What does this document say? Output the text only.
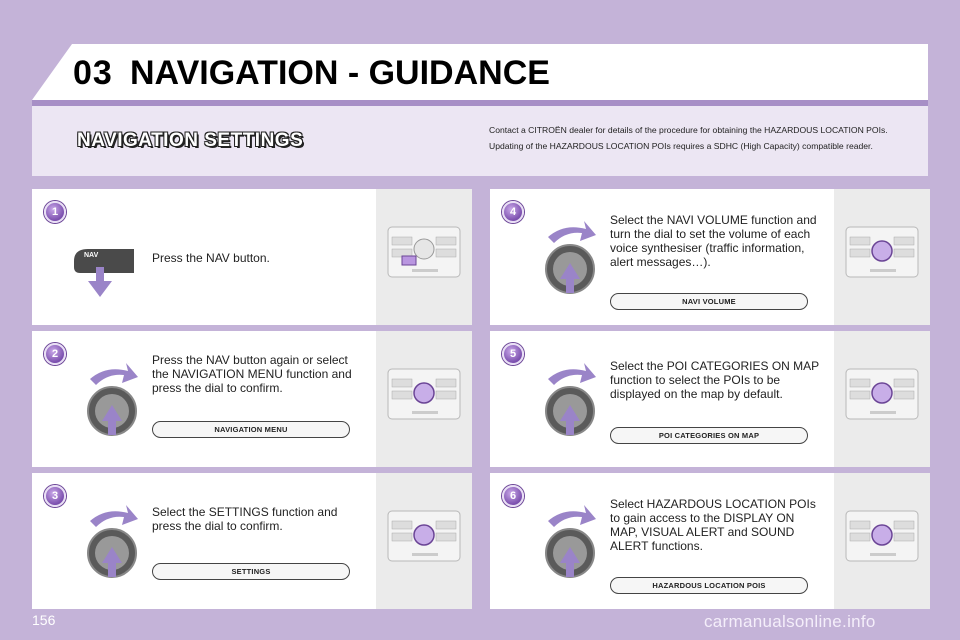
03 NAVIGATION - GUIDANCE
NAVIGATION SETTINGS	Contact a CITROËN dealer for details of the procedure for obtaining the HAZARDOUS LOCATION POIs.

Updating of the HAZARDOUS LOCATION POIs requires a SDHC (High Capacity) compatible reader.

1
NAV	Press the NAV button.
2	Press the NAV button again or select the NAVIGATION MENU function and press the dial to confirm.
NAVIGATION MENU
3
Select the SETTINGS function and press the dial to confirm.
SETTINGS
4
Select the NAVI VOLUME function and turn the dial to set the volume of each voice synthesiser (traffic information, alert messages…).
NAVI VOLUME
5
Select the POI CATEGORIES ON MAP function to select the POIs to be displayed on the map by default.
POI CATEGORIES ON MAP
6
Select HAZARDOUS LOCATION POIs to gain access to the DISPLAY ON MAP, VISUAL ALERT and SOUND ALERT functions.
HAZARDOUS LOCATION POIS
156	carmanualsonline.info
